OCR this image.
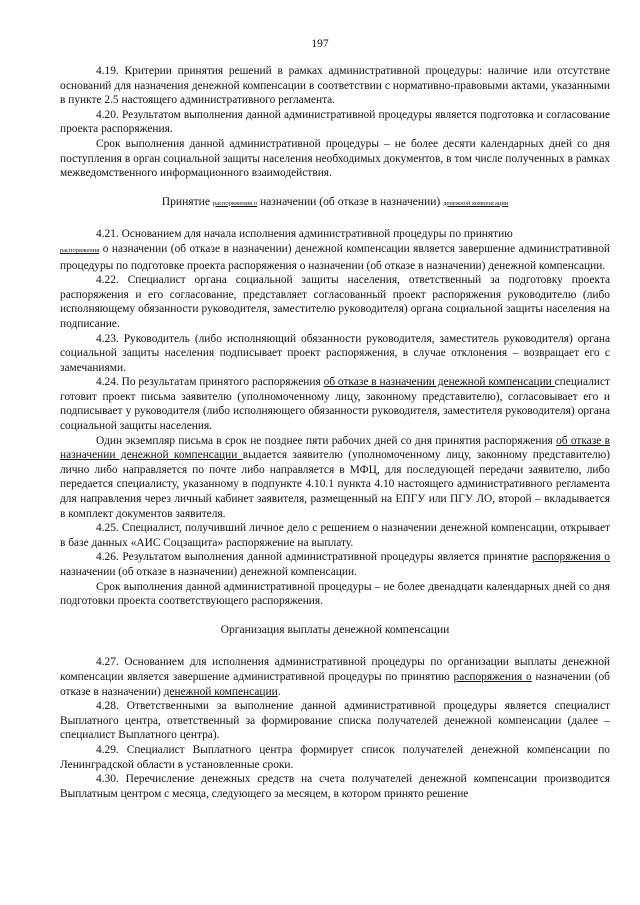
197

4.19. Критерии принятия решений в рамках административной процедуры: наличие или отсутствие оснований для назначения денежной компенсации в соответствии с нормативно-правовыми актами, указанными в пункте 2.5 настоящего административного регламента.

4.20. Результатом выполнения данной административной процедуры является подготовка и согласование проекта распоряжения.

Срок выполнения данной административной процедуры – не более десяти календарных дней со дня поступления в орган социальной защиты населения необходимых документов, в том числе полученных в рамках межведомственного информационного взаимодействия.

Принятие распоряжения о назначении (об отказе в назначении) денежной компенсации

4.21. Основанием для начала исполнения административной процедуры по принятию
распоряжения о назначении (об отказе в назначении) денежной компенсации является завершение административной процедуры по подготовке проекта распоряжения о назначении (об отказе в назначении) денежной компенсации.

4.22. Специалист органа социальной защиты населения, ответственный за подготовку проекта распоряжения и его согласование, представляет согласованный проект распоряжения руководителю (либо исполняющему обязанности руководителя, заместителю руководителя) органа социальной защиты населения на подписание.

4.23. Руководитель (либо исполняющий обязанности руководителя, заместитель руководителя) органа социальной защиты населения подписывает проект распоряжения, в случае отклонения – возвращает его с замечаниями.

4.24. По результатам принятого распоряжения об отказе в назначении денежной компенсации специалист готовит проект письма заявителю (уполномоченному лицу, законному представителю), согласовывает его и подписывает у руководителя (либо исполняющего обязанности руководителя, заместителя руководителя) органа социальной защиты населения.

Один экземпляр письма в срок не позднее пяти рабочих дней со дня принятия распоряжения об отказе в назначении денежной компенсации выдается заявителю (уполномоченному лицу, законному представителю) лично либо направляется по почте либо направляется в МФЦ, для последующей передачи заявителю, либо передается специалисту, указанному в подпункте 4.10.1 пункта 4.10 настоящего административного регламента для направления через личный кабинет заявителя, размещенный на ЕПГУ или ПГУ ЛО, второй – вкладывается в комплект документов заявителя.

4.25. Специалист, получивший личное дело с решением о назначении денежной компенсации, открывает в базе данных «АИС Соцзащита» распоряжение на выплату.

4.26. Результатом выполнения данной административной процедуры является принятие распоряжения о назначении (об отказе в назначении) денежной компенсации.

Срок выполнения данной административной процедуры – не более двенадцати календарных дней со дня подготовки проекта соответствующего распоряжения.

Организация выплаты денежной компенсации

4.27. Основанием для исполнения административной процедуры по организации выплаты денежной компенсации является завершение административной процедуры по принятию распоряжения о назначении (об отказе в назначении) денежной компенсации.

4.28. Ответственными за выполнение данной административной процедуры является специалист Выплатного центра, ответственный за формирование списка получателей денежной компенсации (далее – специалист Выплатного центра).

4.29. Специалист Выплатного центра формирует список получателей денежной компенсации по Ленинградской области в установленные сроки.

4.30. Перечисление денежных средств на счета получателей денежной компенсации производится Выплатным центром с месяца, следующего за месяцем, в котором принято решение
